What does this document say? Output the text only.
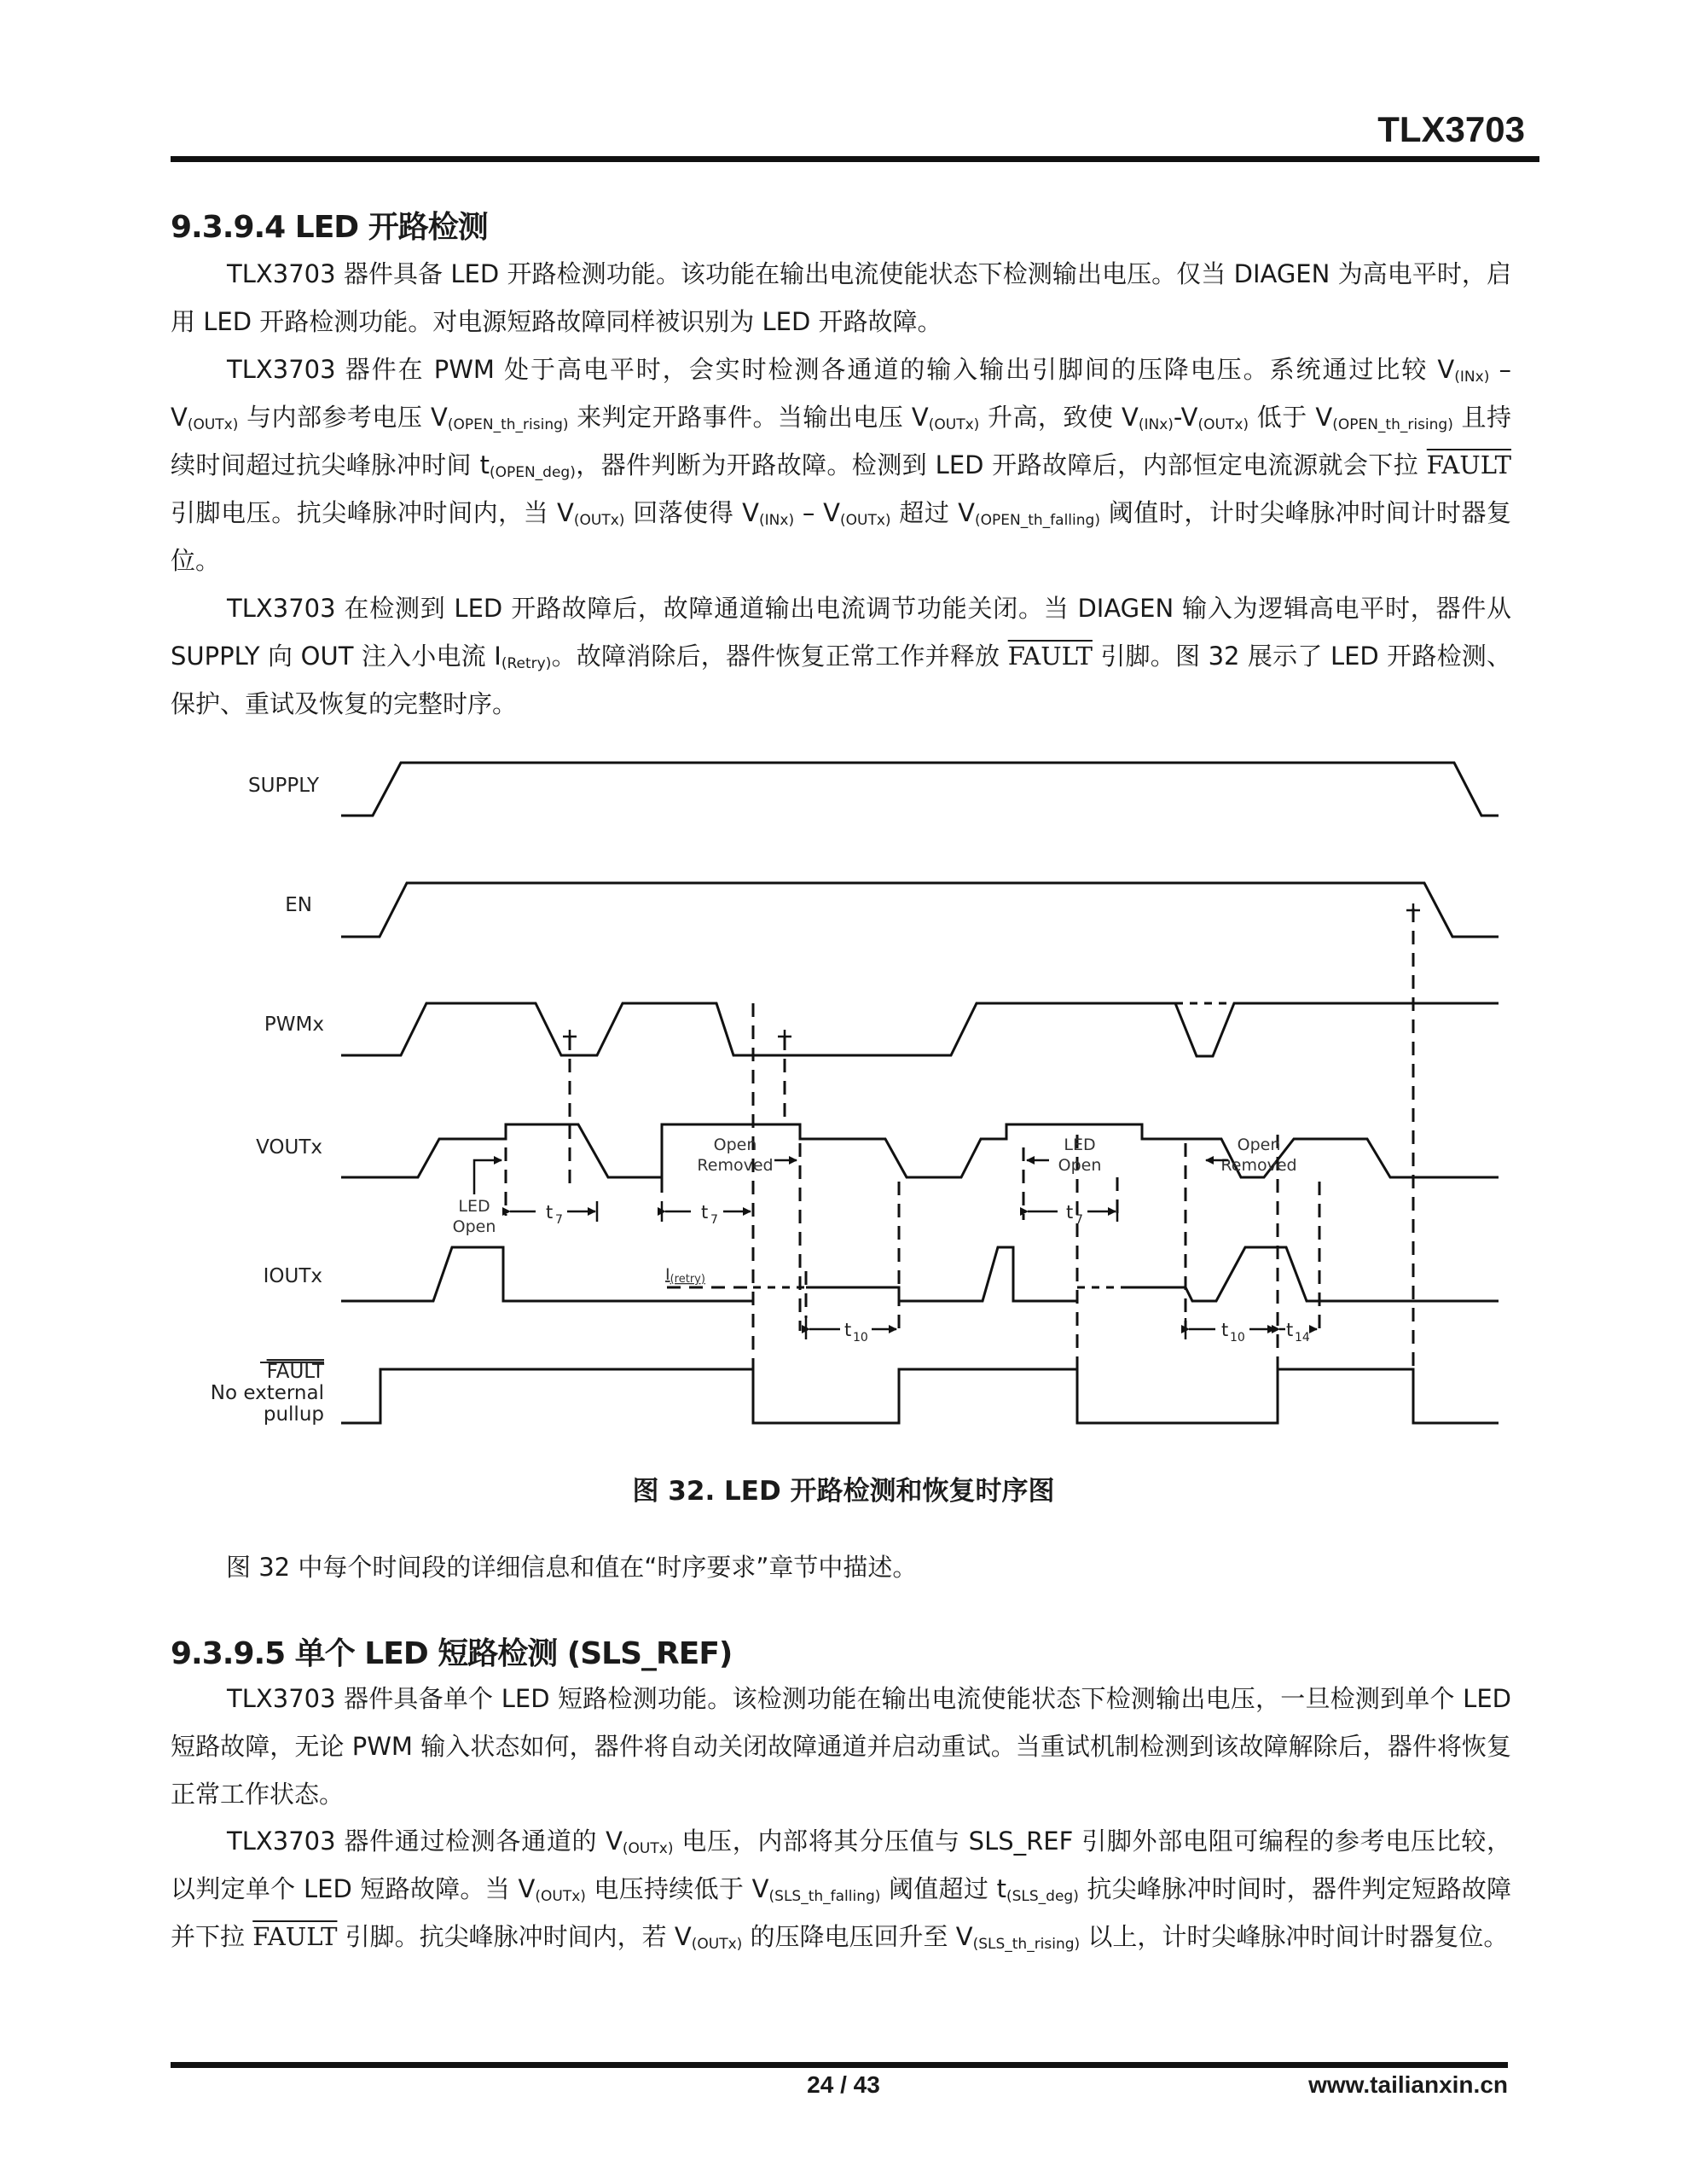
TLX3703
9.3.9.4 LED 开路检测

TLX3703 器件具备 LED 开路检测功能。该功能在输出电流使能状态下检测输出电压。仅当 DIAGEN 为高电平时，启用 LED 开路检测功能。对电源短路故障同样被识别为 LED 开路故障。

TLX3703 器件在 PWM 处于高电平时，会实时检测各通道的输入输出引脚间的压降电压。系统通过比较 $V_{(INx)} - V_{(OUTx)}$ 与内部参考电压 $V_{(OPEN\_th\_rising)}$ 来判定开路事件。当输出电压 $V_{(OUTx)}$ 升高，致使 $V_{(INx)}-V_{(OUTx)}$ 低于 $V_{(OPEN\_th\_rising)}$ 且持续时间超过抗尖峰脉冲时间 $t_{(OPEN\_deg)}$，器件判断为开路故障。检测到 LED 开路故障后，内部恒定电流源就会下拉 FAULT 引脚电压。抗尖峰脉冲时间内，当 $V_{(OUTx)}$ 回落使得 $V_{(INx)} - V_{(OUTx)}$ 超过 $V_{(OPEN\_th\_falling)}$ 阈值时，计时尖峰脉冲时间计时器复位。

TLX3703 在检测到 LED 开路故障后，故障通道输出电流调节功能关闭。当 DIAGEN 输入为逻辑高电平时，器件从 SUPPLY 向 OUT 注入小电流 $I_{(Retry)}$。故障消除后，器件恢复正常工作并释放 FAULT 引脚。图 32 展示了 LED 开路检测、保护、重试及恢复的完整时序。

SUPPLY
EN
PWMx
VOUTx
IOUTx
FAULT
No external
pullup
LED
Open
Open
Removed
LED
Open
Open
Removed
t 7	t 7	t 7
I(retry)
t 10	t 10 t 14
图 32. LED 开路检测和恢复时序图
图 32 中每个时间段的详细信息和值在“时序要求”章节中描述。
9.3.9.5 单个 LED 短路检测 (SLS_REF)

TLX3703 器件具备单个 LED 短路检测功能。该检测功能在输出电流使能状态下检测输出电压，一旦检测到单个 LED 短路故障，无论 PWM 输入状态如何，器件将自动关闭故障通道并启动重试。当重试机制检测到该故障解除后，器件将恢复正常工作状态。

TLX3703 器件通过检测各通道的 $V_{(OUTx)}$ 电压，内部将其分压值与 SLS_REF 引脚外部电阻可编程的参考电压比较，以判定单个 LED 短路故障。当 $V_{(OUTx)}$ 电压持续低于 $V_{(SLS\_th\_falling)}$ 阈值超过 $t_{(SLS\_deg)}$ 抗尖峰脉冲时间时，器件判定短路故障并下拉 FAULT 引脚。抗尖峰脉冲时间内，若 $V_{(OUTx)}$ 的压降电压回升至 $V_{(SLS\_th\_rising)}$ 以上，计时尖峰脉冲时间计时器复位。

24 / 43	www.tailianxin.cn
